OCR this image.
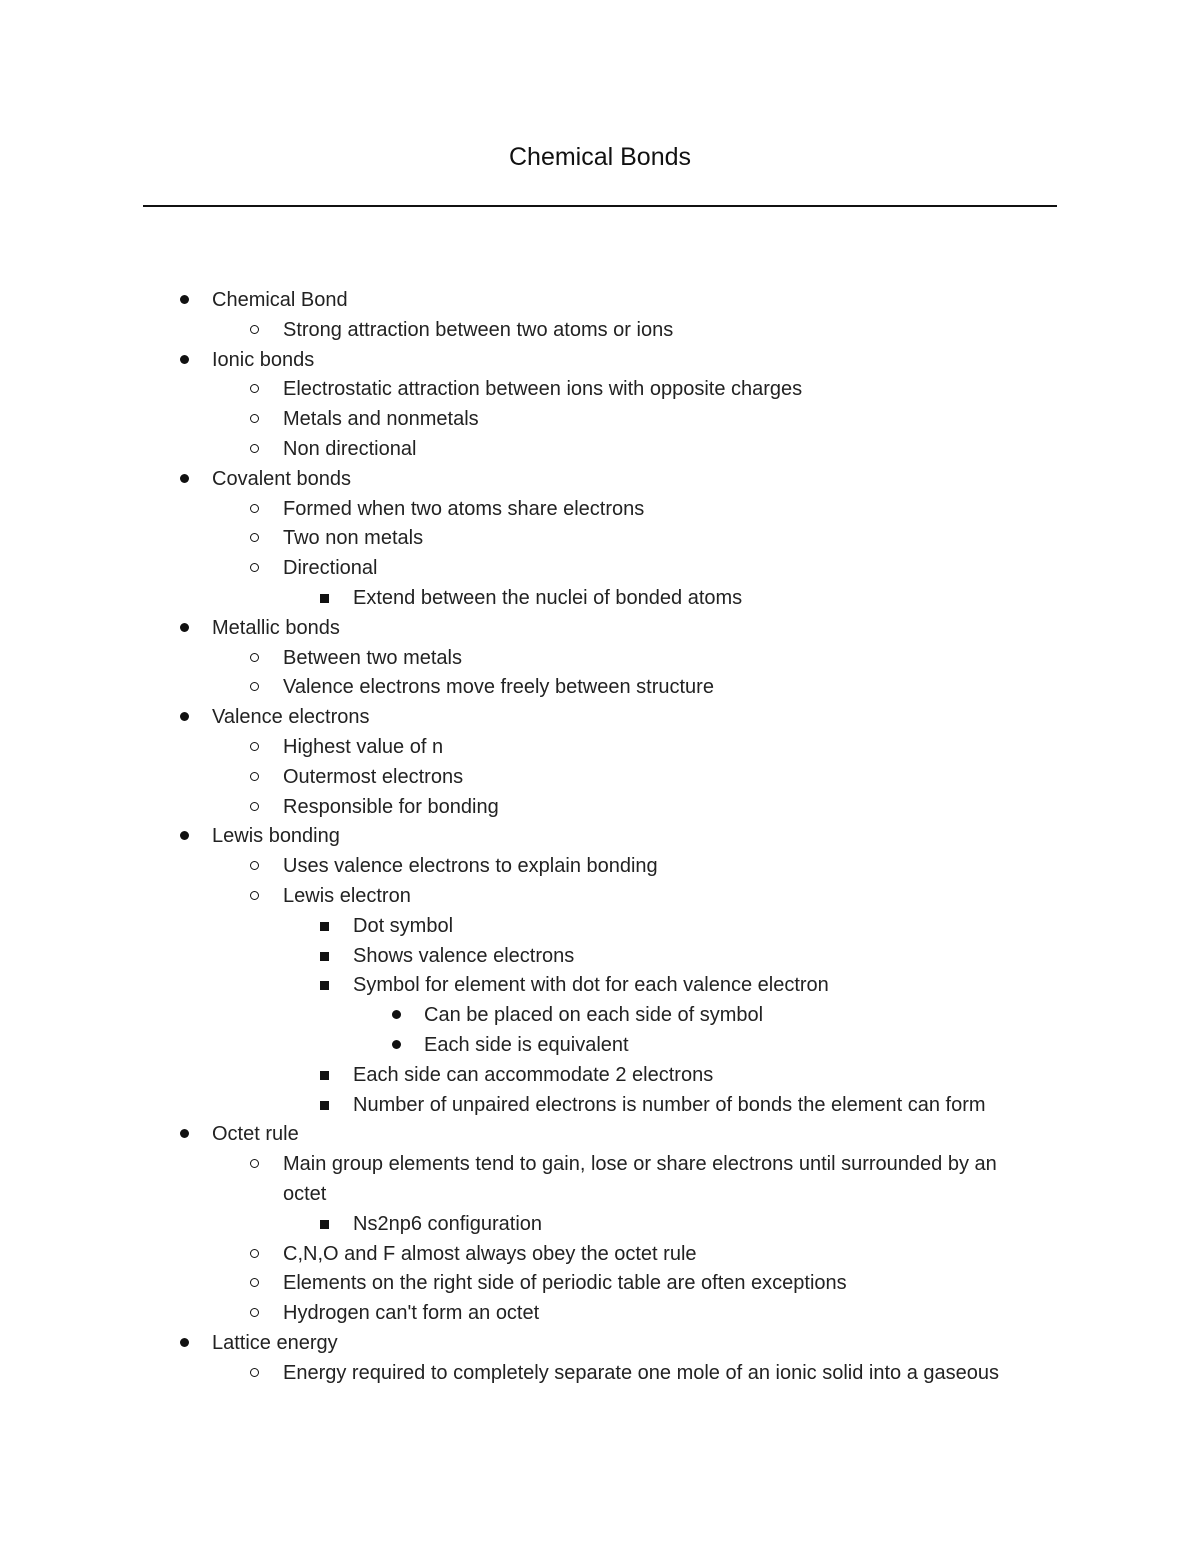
Chemical Bonds
Chemical Bond
Strong attraction between two atoms or ions
Ionic bonds
Electrostatic attraction between ions with opposite charges
Metals and nonmetals
Non directional
Covalent bonds
Formed when two atoms share electrons
Two non metals
Directional
Extend between the nuclei of bonded atoms
Metallic bonds
Between two metals
Valence electrons move freely between structure
Valence electrons
Highest value of n
Outermost electrons
Responsible for bonding
Lewis bonding
Uses valence electrons to explain bonding
Lewis electron
Dot symbol
Shows valence electrons
Symbol for element with dot for each valence electron
Can be placed on each side of symbol
Each side is equivalent
Each side can accommodate 2 electrons
Number of unpaired electrons is number of bonds the element can form
Octet rule
Main group elements tend to gain, lose or share electrons until surrounded by an
octet
Ns2np6 configuration
C,N,O and F almost always obey the octet rule
Elements on the right side of periodic table are often exceptions
Hydrogen can't form an octet
Lattice energy
Energy required to completely separate one mole of an ionic solid into a gaseous
